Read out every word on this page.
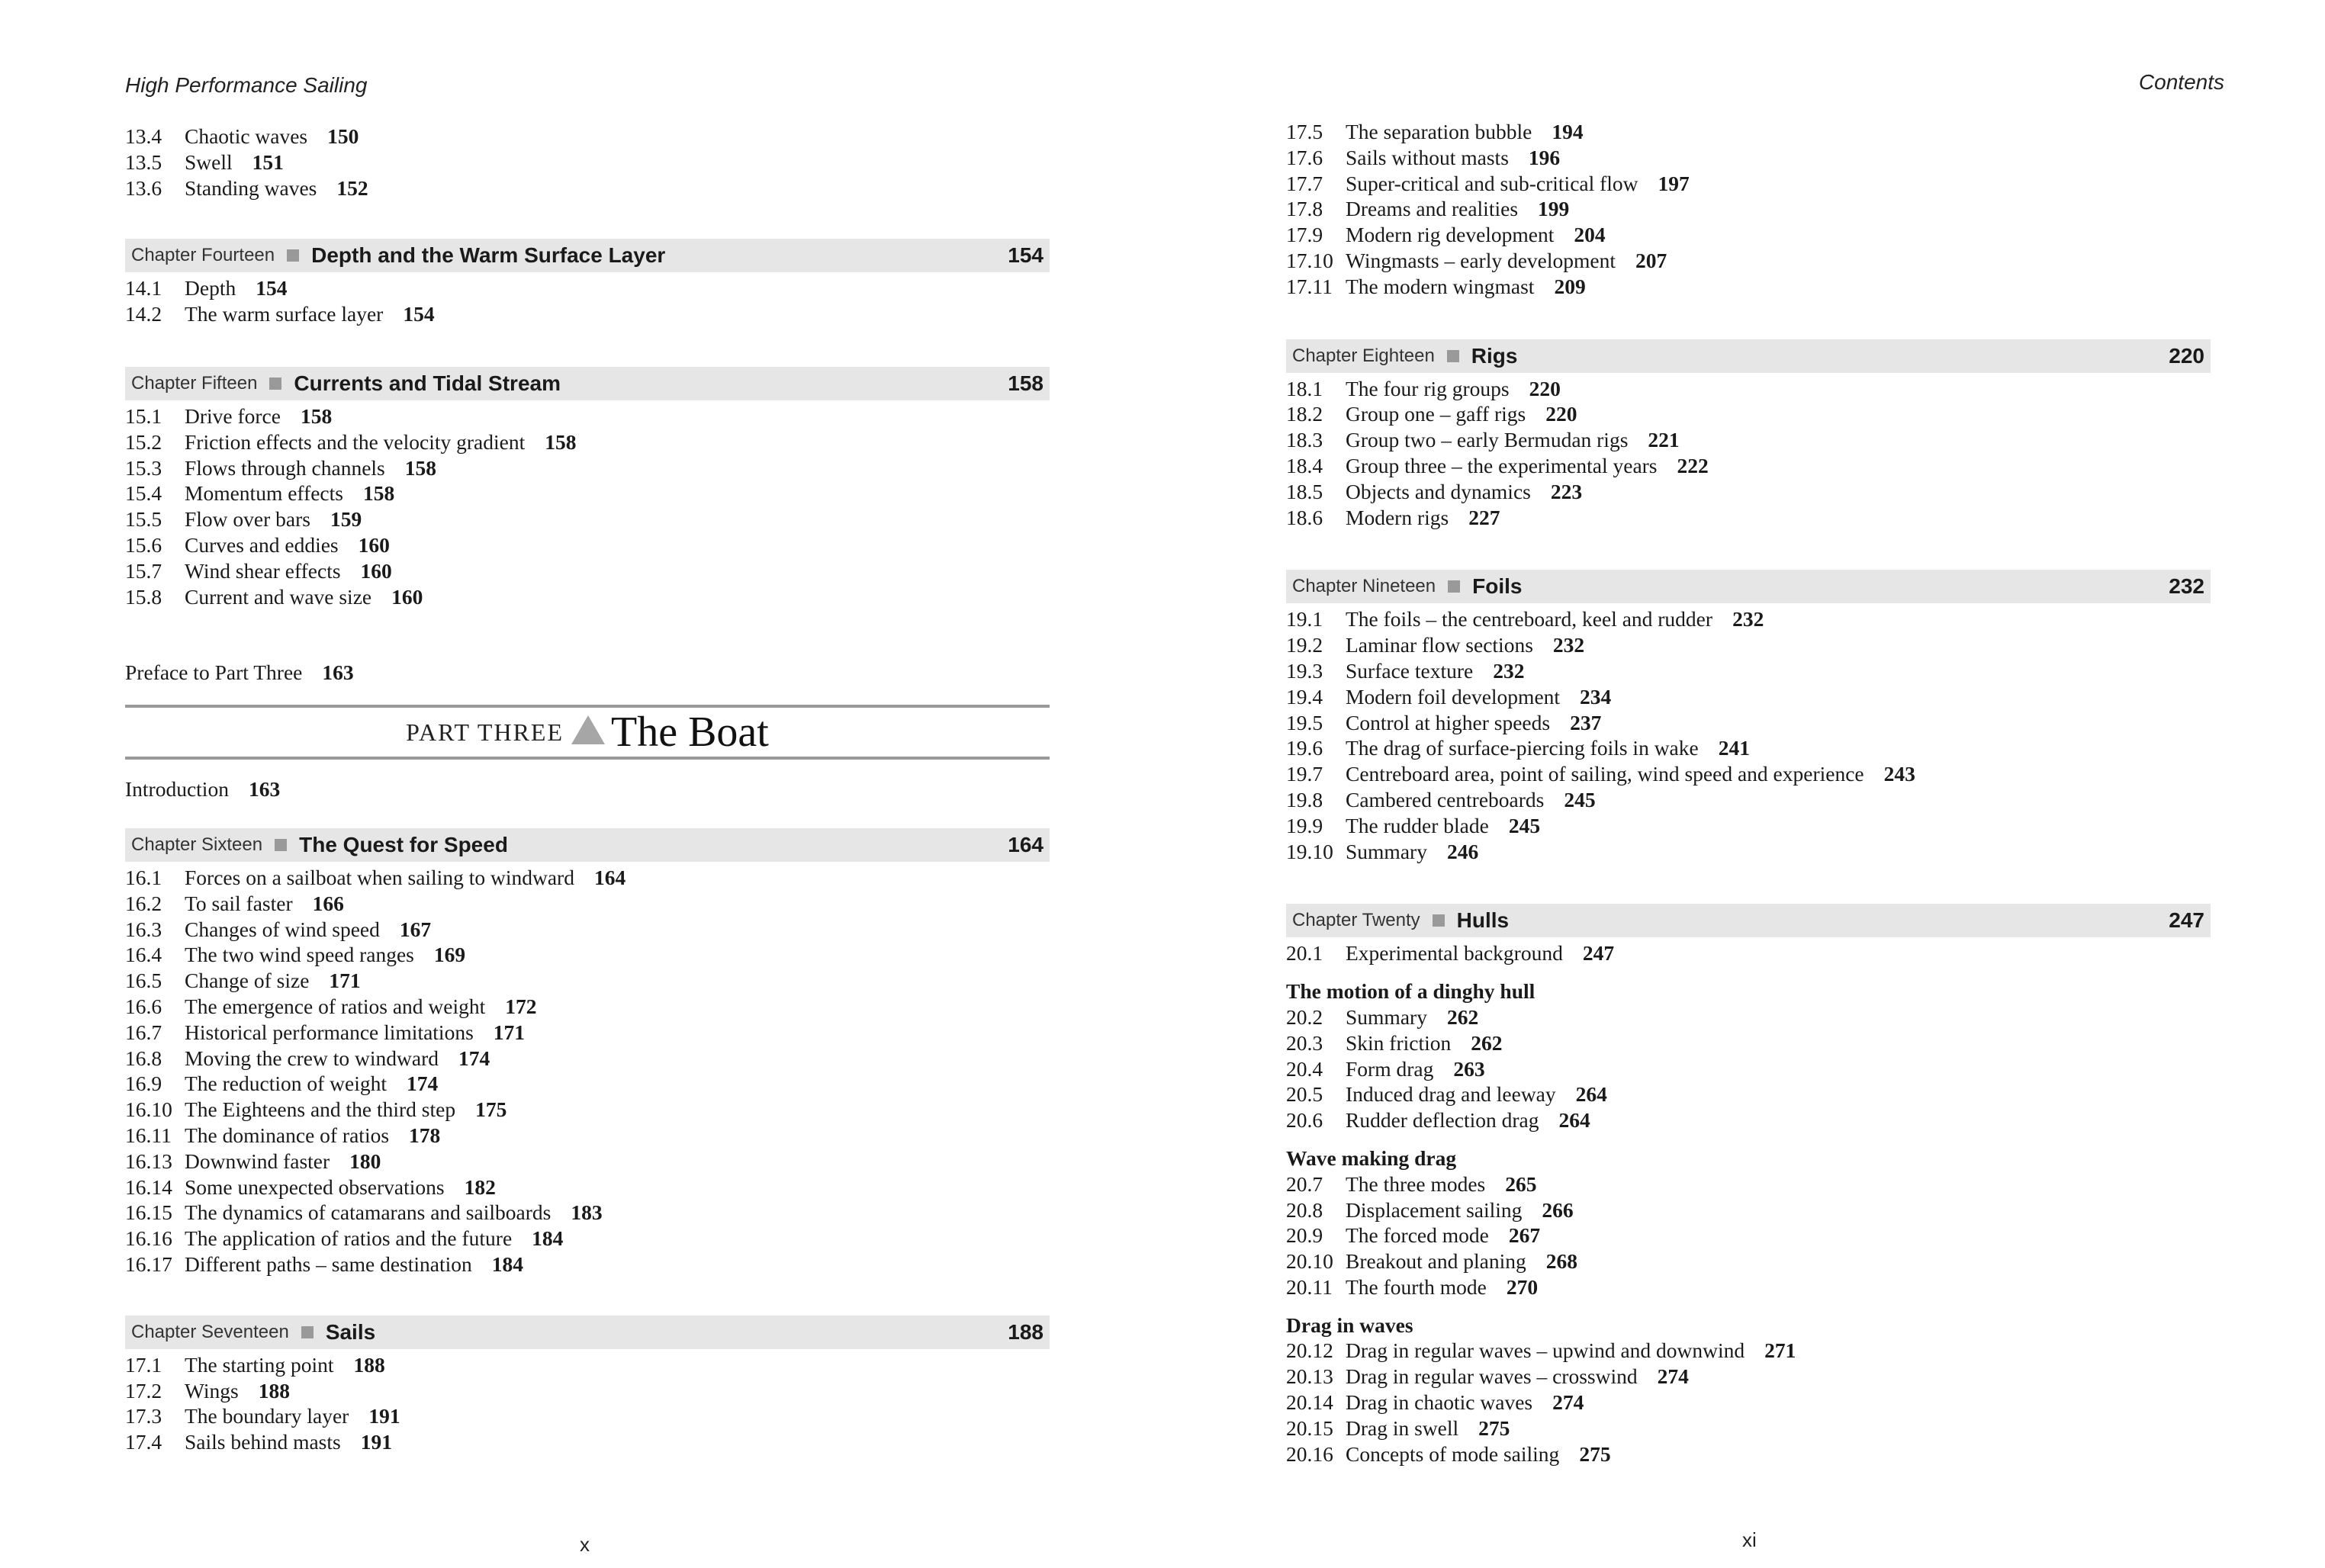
High Performance Sailing
13.4	Chaotic waves 150
13.5	Swell 151
13.6	Standing waves 152
Chapter Fourteen Depth and the Warm Surface Layer	154
14.1	Depth 154
14.2	The warm surface layer 154
Chapter Fifteen Currents and Tidal Stream	158
15.1	Drive force 158
15.2	Friction effects and the velocity gradient 158
15.3	Flows through channels 158
15.4	Momentum effects 158
15.5	Flow over bars 159
15.6	Curves and eddies 160
15.7	Wind shear effects 160
15.8	Current and wave size 160
Preface to Part Three 163
PART THREE The Boat
Introduction 163
Chapter Sixteen The Quest for Speed	164
16.1	Forces on a sailboat when sailing to windward 164
16.2	To sail faster 166
16.3	Changes of wind speed 167
16.4	The two wind speed ranges 169
16.5	Change of size 171
16.6	The emergence of ratios and weight 172
16.7	Historical performance limitations 171
16.8	Moving the crew to windward 174
16.9	The reduction of weight 174
16.10 The Eighteens and the third step 175
16.11 The dominance of ratios 178
16.13 Downwind faster 180
16.14 Some unexpected observations 182
16.15 The dynamics of catamarans and sailboards 183
16.16 The application of ratios and the future 184
16.17 Different paths – same destination 184
Chapter Seventeen Sails	188
17.1	The starting point 188
17.2	Wings 188
17.3	The boundary layer 191
17.4	Sails behind masts 191
x
Contents
17.5	The separation bubble 194
17.6	Sails without masts 196
17.7	Super-critical and sub-critical flow 197
17.8	Dreams and realities 199
17.9	Modern rig development 204
17.10 Wingmasts – early development 207
17.11 The modern wingmast 209
Chapter Eighteen Rigs	220
18.1	The four rig groups 220
18.2	Group one – gaff rigs 220
18.3	Group two – early Bermudan rigs 221
18.4	Group three – the experimental years 222
18.5	Objects and dynamics 223
18.6	Modern rigs 227
Chapter Nineteen Foils	232
19.1	The foils – the centreboard, keel and rudder 232
19.2	Laminar flow sections 232
19.3	Surface texture 232
19.4	Modern foil development 234
19.5	Control at higher speeds 237
19.6	The drag of surface-piercing foils in wake 241
19.7	Centreboard area, point of sailing, wind speed and experience 243
19.8	Cambered centreboards 245
19.9	The rudder blade 245
19.10 Summary 246
Chapter Twenty Hulls	247
20.1	Experimental background 247
The motion of a dinghy hull
20.2	Summary 262
20.3	Skin friction 262
20.4	Form drag 263
20.5	Induced drag and leeway 264
20.6	Rudder deflection drag 264
Wave making drag
20.7	The three modes 265
20.8	Displacement sailing 266
20.9	The forced mode 267
20.10 Breakout and planing 268
20.11 The fourth mode 270
Drag in waves
20.12 Drag in regular waves – upwind and downwind 271
20.13 Drag in regular waves – crosswind 274
20.14 Drag in chaotic waves 274
20.15 Drag in swell 275
20.16 Concepts of mode sailing 275
xi
